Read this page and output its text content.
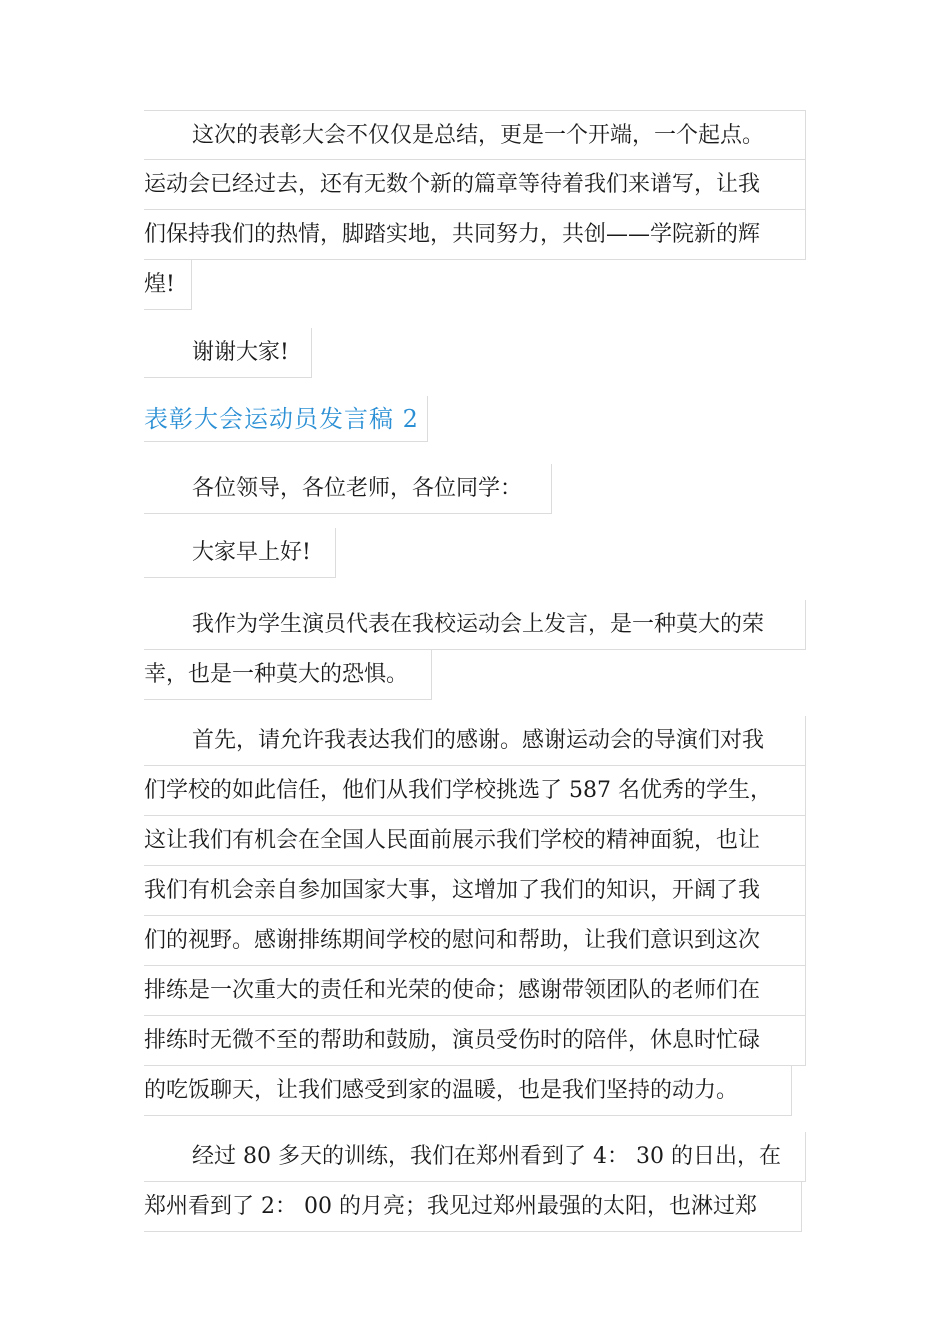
这次的表彰大会不仅仅是总结，更是一个开端，一个起点。
运动会已经过去，还有无数个新的篇章等待着我们来谱写，让我
们保持我们的热情，脚踏实地，共同努力，共创——学院新的辉
煌!
谢谢大家!
表彰大会运动员发言稿 2
各位领导，各位老师，各位同学：
大家早上好!
我作为学生演员代表在我校运动会上发言，是一种莫大的荣
幸，也是一种莫大的恐惧。
首先，请允许我表达我们的感谢。感谢运动会的导演们对我
们学校的如此信任，他们从我们学校挑选了 587 名优秀的学生，
这让我们有机会在全国人民面前展示我们学校的精神面貌，也让
我们有机会亲自参加国家大事，这增加了我们的知识，开阔了我
们的视野。感谢排练期间学校的慰问和帮助，让我们意识到这次
排练是一次重大的责任和光荣的使命；感谢带领团队的老师们在
排练时无微不至的帮助和鼓励，演员受伤时的陪伴，休息时忙碌
的吃饭聊天，让我们感受到家的温暖，也是我们坚持的动力。
经过 80 多天的训练，我们在郑州看到了 4： 30 的日出，在
郑州看到了 2： 00 的月亮；我见过郑州最强的太阳，也淋过郑
